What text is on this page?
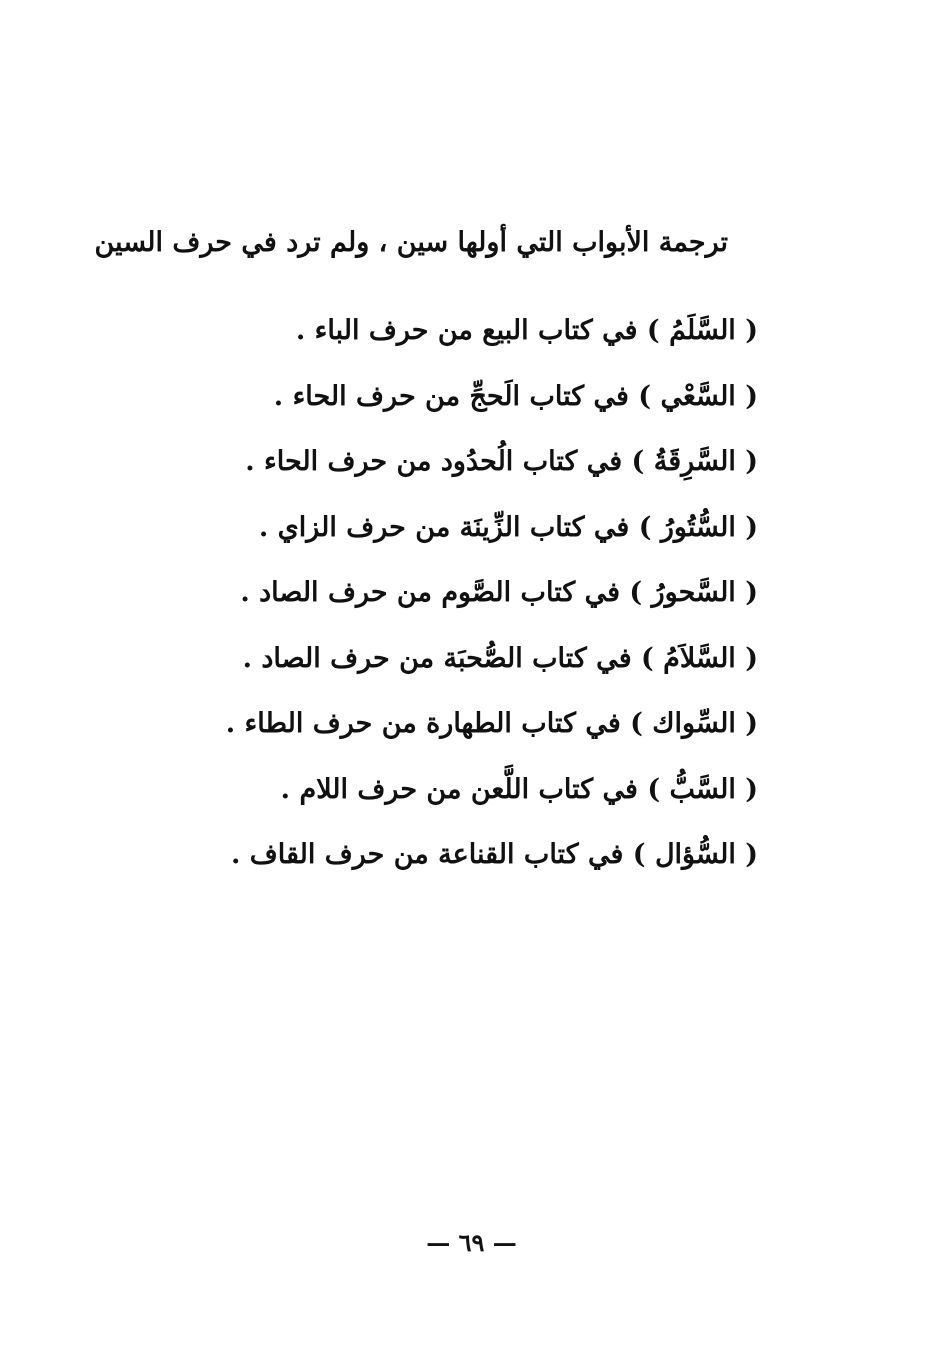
ترجمة الأبواب التي أولها سين ، ولم ترد في حرف السين
( السَّلَمُ ) في كتاب البيع من حرف الباء .
( السَّعْي ) في كتاب الَحجِّ من حرف الحاء .
( السَّرِقَةُ ) في كتاب الُحدُود من حرف الحاء .
( السُّتُورُ ) في كتاب الزِّينَة من حرف الزاي .
( السَّحورُ ) في كتاب الصَّوم من حرف الصاد .
( السَّلاَمُ ) في كتاب الصُّحبَة من حرف الصاد .
( السِّواك ) في كتاب الطهارة من حرف الطاء .
( السَّبُّ ) في كتاب اللَّعن من حرف اللام .
( السُّؤال ) في كتاب القناعة من حرف القاف .
— ٦٩ —
